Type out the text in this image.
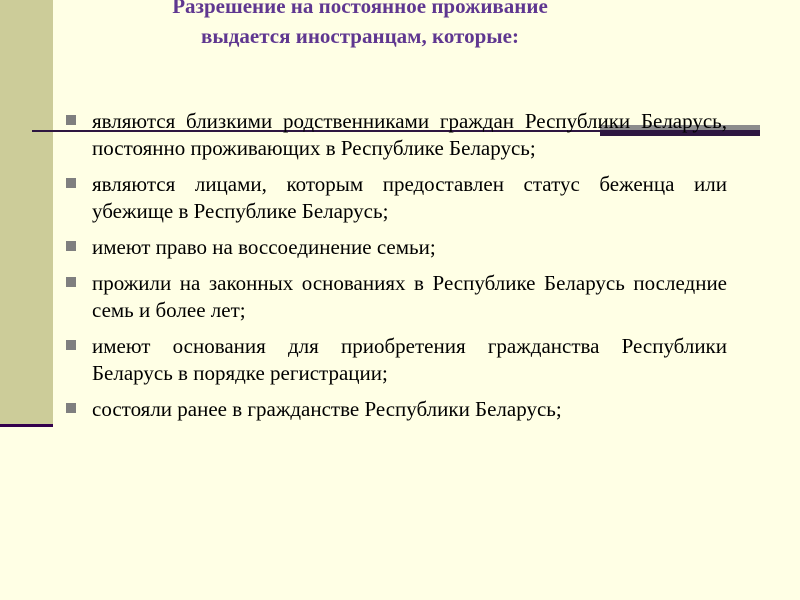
Разрешение на постоянное проживание
выдается иностранцам, которые:
являются близкими родственниками граждан Республики Беларусь, постоянно проживающих в Республике Беларусь;
являются лицами, которым предоставлен статус беженца или убежище в Республике Беларусь;
имеют право на воссоединение семьи;
прожили на законных основаниях в Республике Беларусь последние семь и более лет;
имеют основания для приобретения гражданства Республики Беларусь в порядке регистрации;
состояли ранее в гражданстве Республики Беларусь;
